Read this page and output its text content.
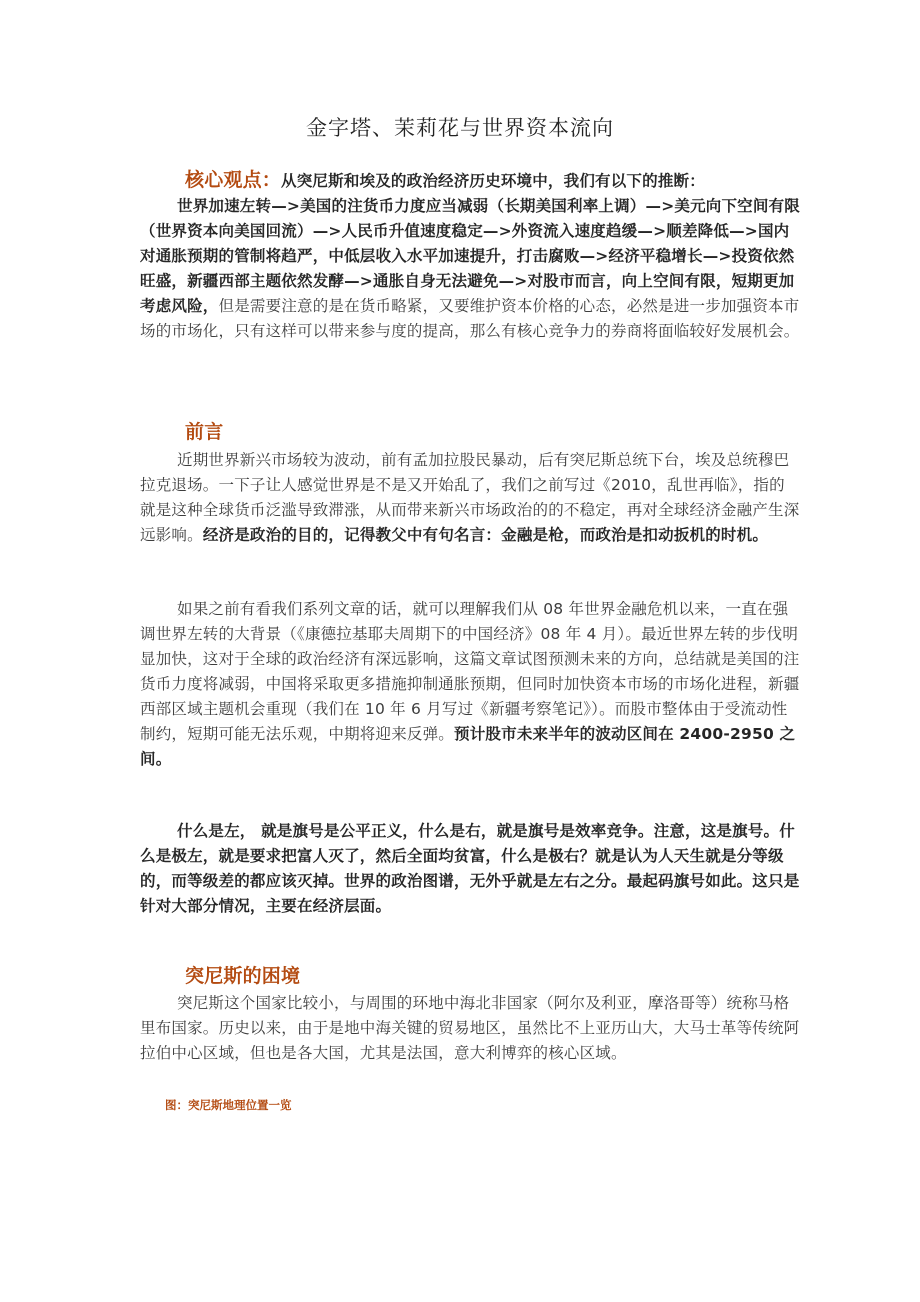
金字塔、茉莉花与世界资本流向
核心观点：从突尼斯和埃及的政治经济历史环境中，我们有以下的推断：
世界加速左转—>美国的注货币力度应当减弱（长期美国利率上调）—>美元向下空间有限（世界资本向美国回流）—>人民币升值速度稳定—>外资流入速度趋缓—>顺差降低—>国内对通胀预期的管制将趋严，中低层收入水平加速提升，打击腐败—>经济平稳增长—>投资依然旺盛，新疆西部主题依然发酵—>通胀自身无法避免—>对股市而言，向上空间有限，短期更加考虑风险，但是需要注意的是在货币略紧，又要维护资本价格的心态，必然是进一步加强资本市场的市场化，只有这样可以带来参与度的提高，那么有核心竞争力的券商将面临较好发展机会。
前言
近期世界新兴市场较为波动，前有孟加拉股民暴动，后有突尼斯总统下台，埃及总统穆巴拉克退场。一下子让人感觉世界是不是又开始乱了，我们之前写过《2010，乱世再临》，指的就是这种全球货币泛滥导致滞涨，从而带来新兴市场政治的的不稳定，再对全球经济金融产生深远影响。经济是政治的目的，记得教父中有句名言：金融是枪，而政治是扣动扳机的时机。
如果之前有看我们系列文章的话，就可以理解我们从 08 年世界金融危机以来，一直在强调世界左转的大背景（《康德拉基耶夫周期下的中国经济》08 年 4 月）。最近世界左转的步伐明显加快，这对于全球的政治经济有深远影响，这篇文章试图预测未来的方向，总结就是美国的注货币力度将减弱，中国将采取更多措施抑制通胀预期，但同时加快资本市场的市场化进程，新疆西部区域主题机会重现（我们在 10 年 6 月写过《新疆考察笔记》）。而股市整体由于受流动性制约，短期可能无法乐观，中期将迎来反弹。预计股市未来半年的波动区间在 2400-2950 之间。
什么是左， 就是旗号是公平正义，什么是右，就是旗号是效率竞争。注意，这是旗号。什么是极左，就是要求把富人灭了，然后全面均贫富，什么是极右？就是认为人天生就是分等级的，而等级差的都应该灭掉。世界的政治图谱，无外乎就是左右之分。最起码旗号如此。这只是针对大部分情况，主要在经济层面。
突尼斯的困境
突尼斯这个国家比较小，与周围的环地中海北非国家（阿尔及利亚，摩洛哥等）统称马格里布国家。历史以来，由于是地中海关键的贸易地区，虽然比不上亚历山大，大马士革等传统阿拉伯中心区域，但也是各大国，尤其是法国，意大利博弈的核心区域。
图：突尼斯地理位置一览
